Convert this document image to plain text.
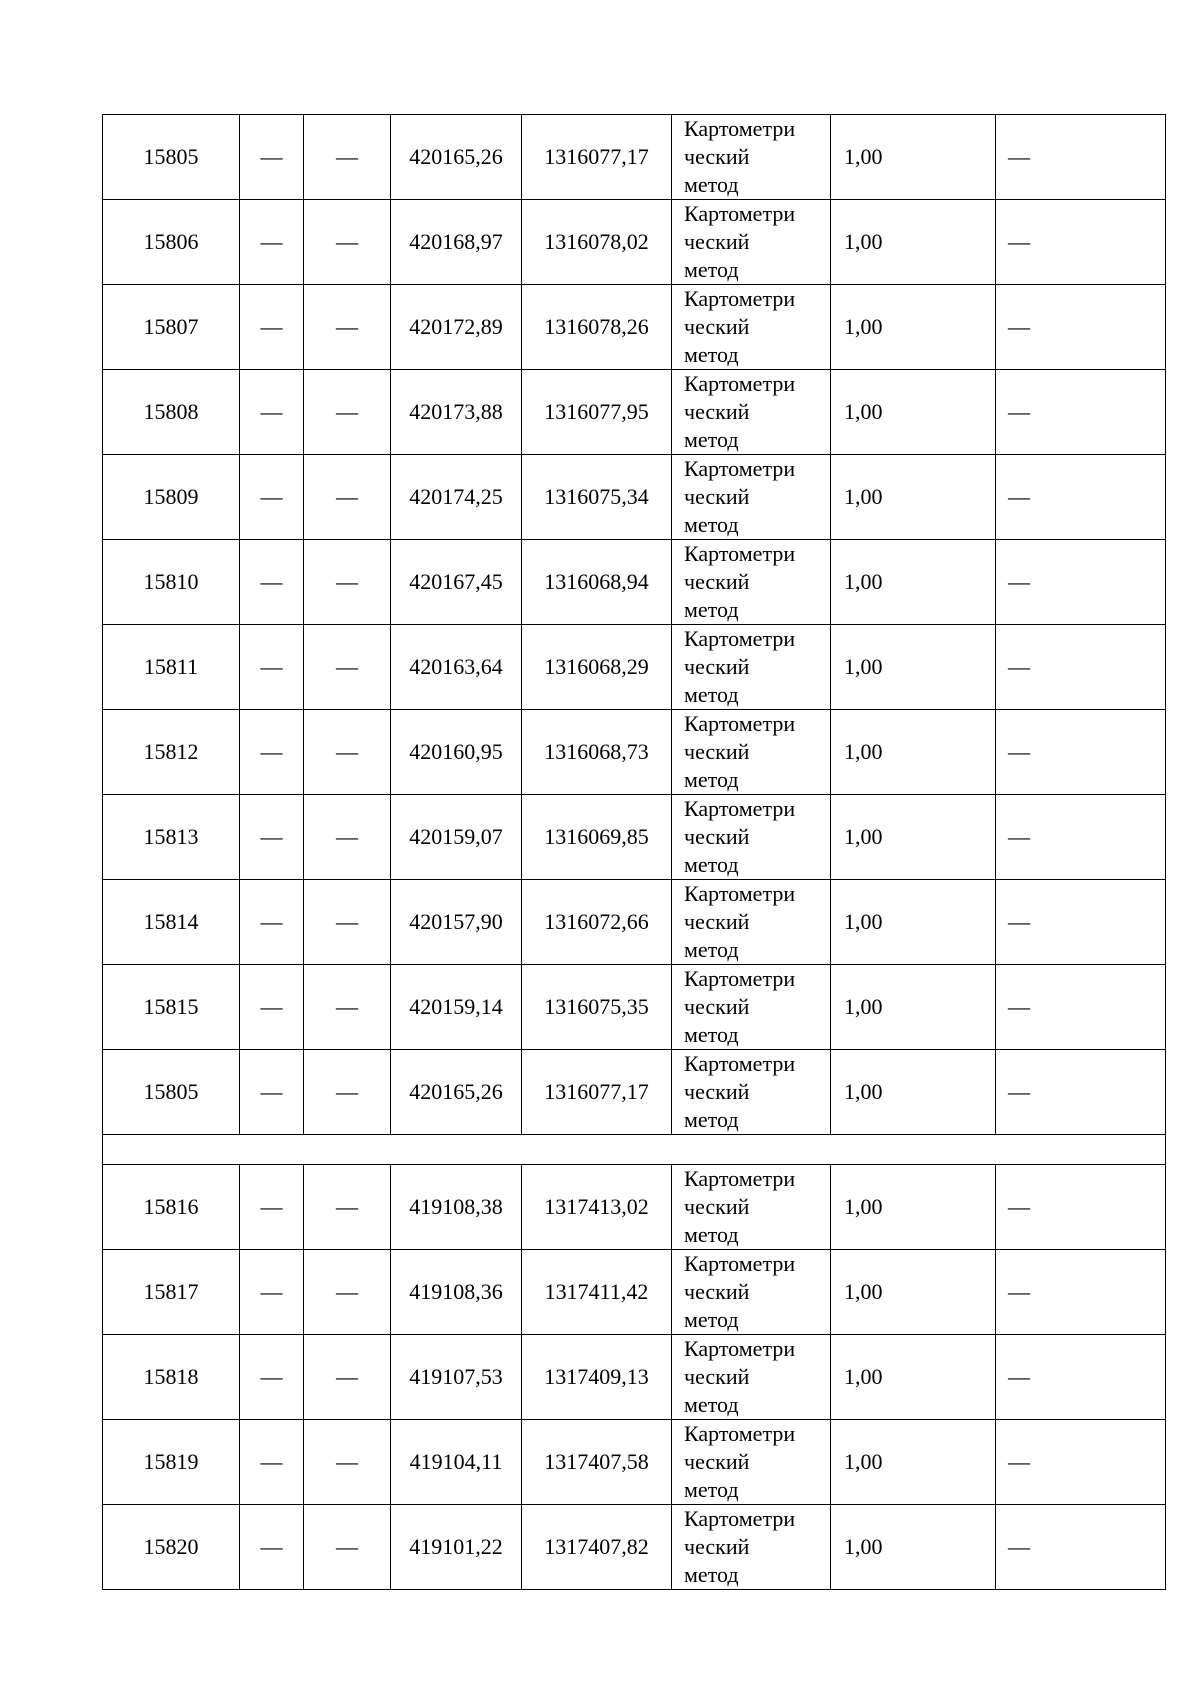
15805	—	—	420165,26	1316077,17	Картометри
ческий
метод	1,00	—
15806	—	—	420168,97	1316078,02	Картометри
ческий
метод	1,00	—
15807	—	—	420172,89	1316078,26	Картометри
ческий
метод	1,00	—
15808	—	—	420173,88	1316077,95	Картометри
ческий
метод	1,00	—
15809	—	—	420174,25	1316075,34	Картометри
ческий
метод	1,00	—
15810	—	—	420167,45	1316068,94	Картометри
ческий
метод	1,00	—
15811	—	—	420163,64	1316068,29	Картометри
ческий
метод	1,00	—
15812	—	—	420160,95	1316068,73	Картометри
ческий
метод	1,00	—
15813	—	—	420159,07	1316069,85	Картометри
ческий
метод	1,00	—
15814	—	—	420157,90	1316072,66	Картометри
ческий
метод	1,00	—
15815	—	—	420159,14	1316075,35	Картометри
ческий
метод	1,00	—
15805	—	—	420165,26	1316077,17	Картометри
ческий
метод	1,00	—

15816	—	—	419108,38	1317413,02	Картометри
ческий
метод	1,00	—
15817	—	—	419108,36	1317411,42	Картометри
ческий
метод	1,00	—
15818	—	—	419107,53	1317409,13	Картометри
ческий
метод	1,00	—
15819	—	—	419104,11	1317407,58	Картометри
ческий
метод	1,00	—
15820	—	—	419101,22	1317407,82	Картометри
ческий
метод	1,00	—
